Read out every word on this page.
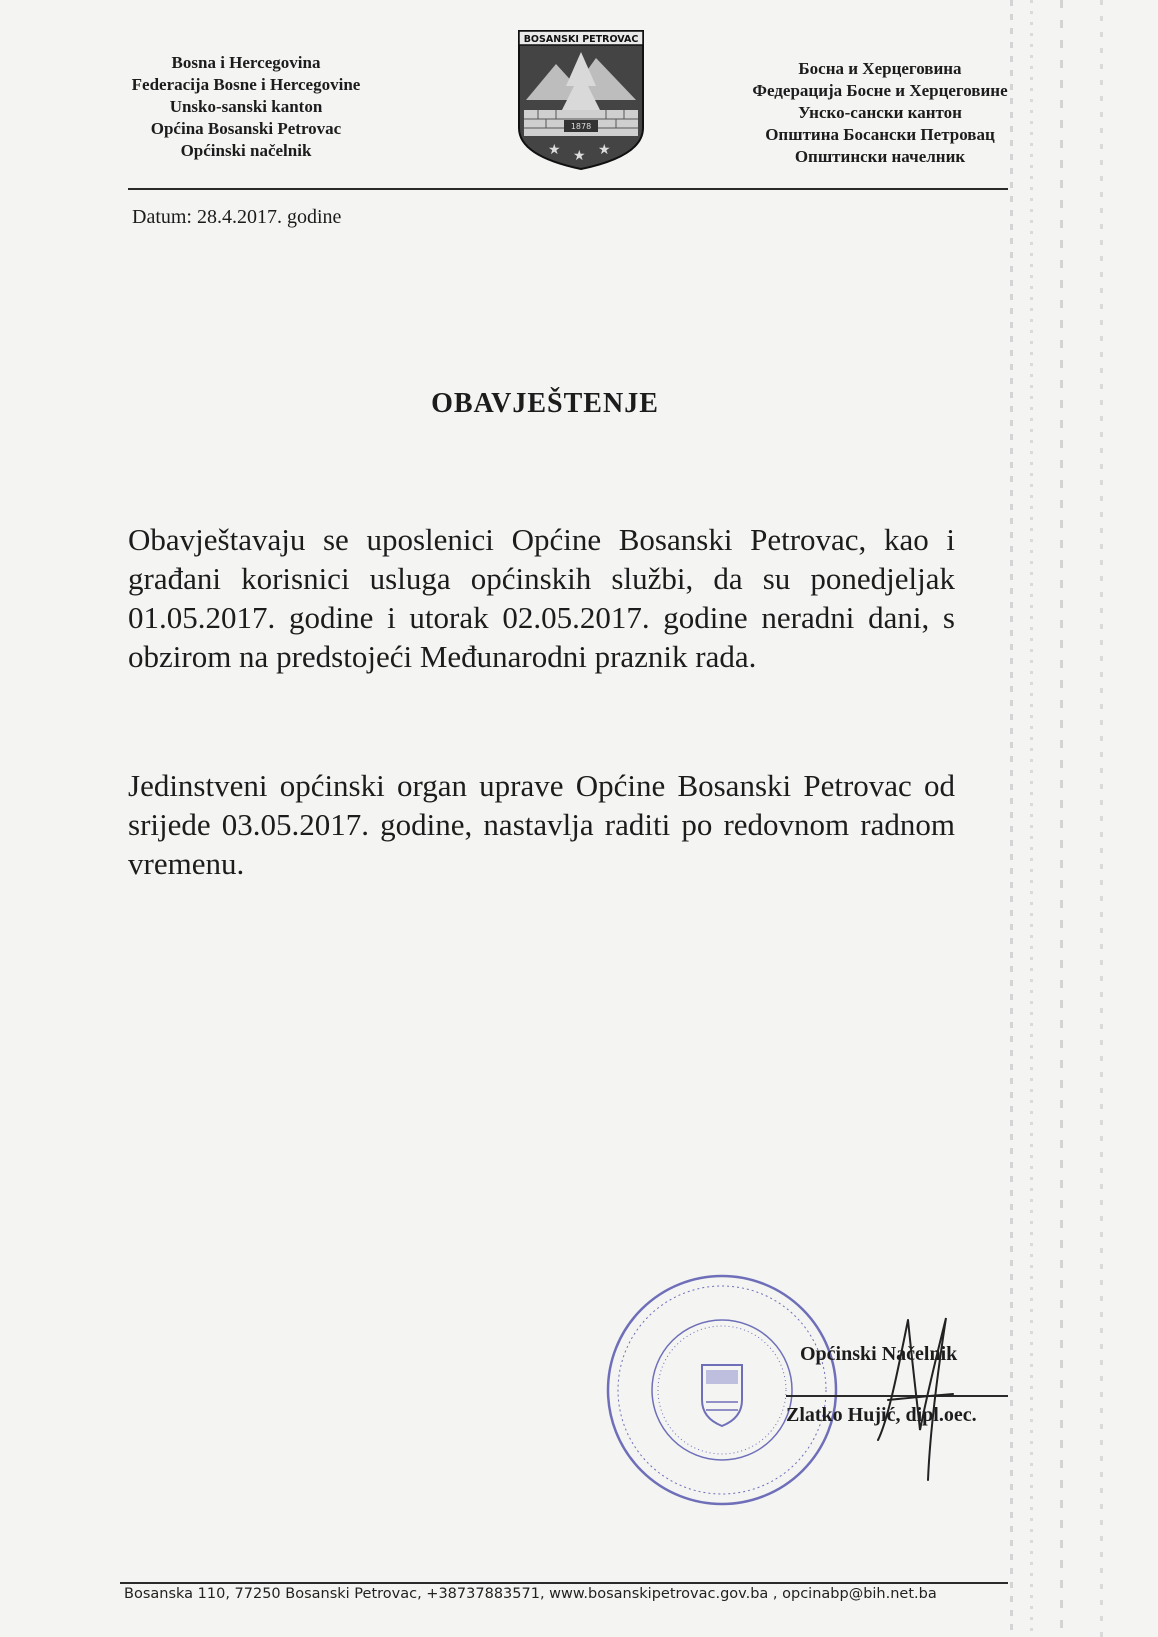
Bosna i Hercegovina
Federacija Bosne i Hercegovine
Unsko-sanski kanton
Općina Bosanski Petrovac
Općinski načelnik
BOSANSKI PETROVAC
1878
★ ★ ★
Босна и Херцеговина
Федерација Босне и Херцеговине
Унско-сански кантон
Општина Босански Петровац
Општински начелник
Datum: 28.4.2017. godine
OBAVJEŠTENJE
Obavještavaju se uposlenici Općine Bosanski Petrovac, kao i građani korisnici usluga općinskih službi, da su ponedjeljak 01.05.2017. godine i utorak 02.05.2017. godine neradni dani, s obzirom na predstojeći Međunarodni praznik rada.
Jedinstveni općinski organ uprave Općine Bosanski Petrovac od srijede 03.05.2017. godine, nastavlja raditi po redovnom radnom vremenu.
Općinski Načelnik
Zlatko Hujić, dipl.oec.
Bosanska 110, 77250 Bosanski Petrovac, +38737883571, www.bosanskipetrovac.gov.ba , opcinabp@bih.net.ba
